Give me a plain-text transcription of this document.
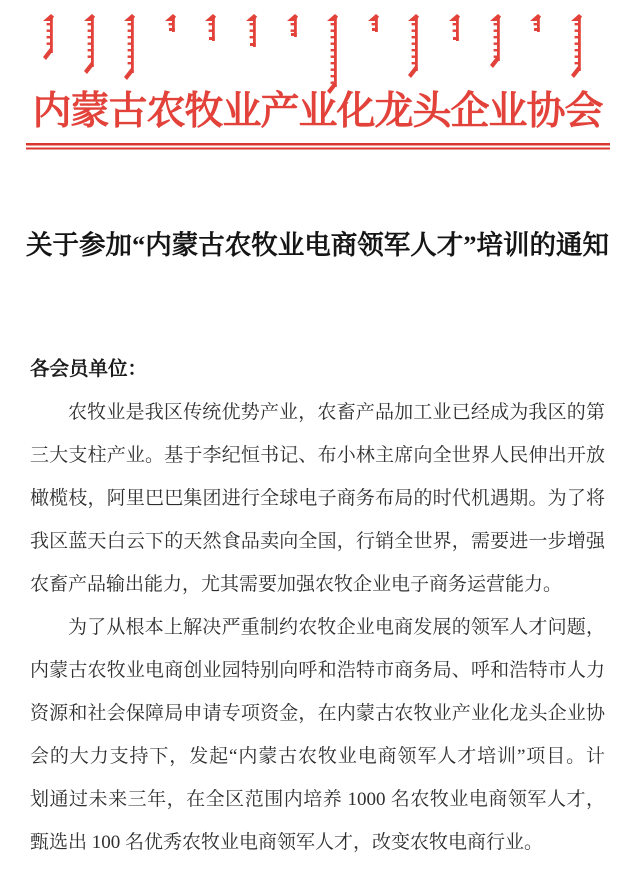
内蒙古农牧业产业化龙头企业协会
关于参加“内蒙古农牧业电商领军人才”培训的通知
各会员单位：
农牧业是我区传统优势产业，农畜产品加工业已经成为我区的第
三大支柱产业。基于李纪恒书记、布小林主席向全世界人民伸出开放
橄榄枝，阿里巴巴集团进行全球电子商务布局的时代机遇期。为了将
我区蓝天白云下的天然食品卖向全国，行销全世界，需要进一步增强
农畜产品输出能力，尤其需要加强农牧企业电子商务运营能力。
为了从根本上解决严重制约农牧企业电商发展的领军人才问题，
内蒙古农牧业电商创业园特别向呼和浩特市商务局、呼和浩特市人力
资源和社会保障局申请专项资金，在内蒙古农牧业产业化龙头企业协
会的大力支持下，发起“内蒙古农牧业电商领军人才培训”项目。计
划通过未来三年，在全区范围内培养 1000 名农牧业电商领军人才，
甄选出 100 名优秀农牧业电商领军人才，改变农牧电商行业。
